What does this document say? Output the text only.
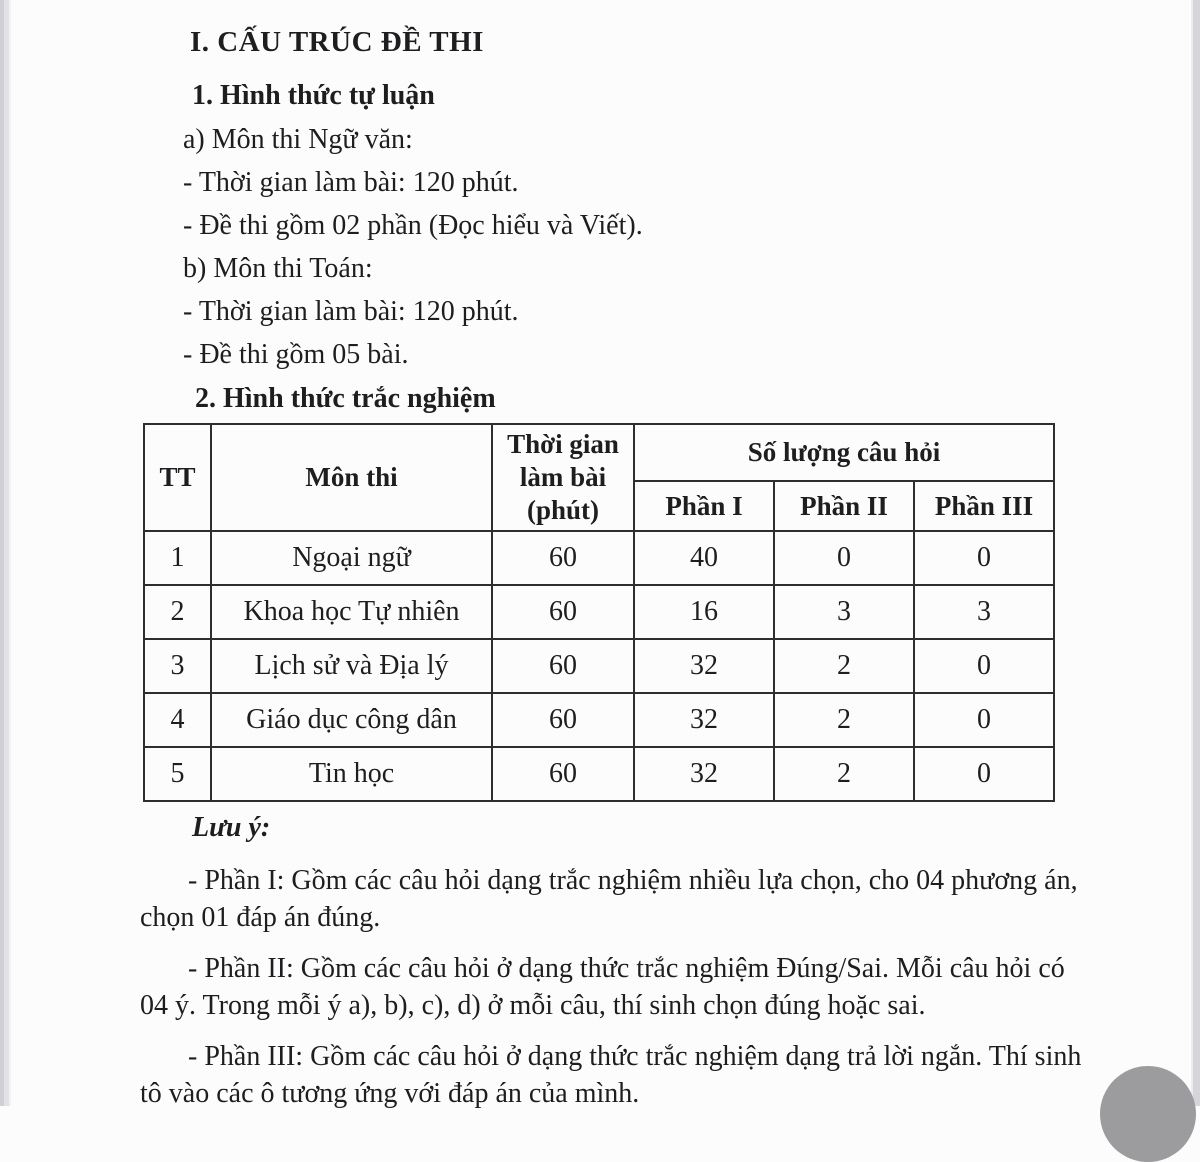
I. CẤU TRÚC ĐỀ THI
1. Hình thức tự luận

a) Môn thi Ngữ văn:

- Thời gian làm bài: 120 phút.

- Đề thi gồm 02 phần (Đọc hiểu và Viết).

b) Môn thi Toán:

- Thời gian làm bài: 120 phút.

- Đề thi gồm 05 bài.

2. Hình thức trắc nghiệm
TT	Môn thi	Thời gian làm bài (phút)	Số lượng câu hỏi		
			Phần I	Phần II	Phần III
1	Ngoại ngữ	60	40	0	0
2	Khoa học Tự nhiên	60	16	3	3
3	Lịch sử và Địa lý	60	32	2	0
4	Giáo dục công dân	60	32	2	0
5	Tin học	60	32	2	0
Lưu ý:

- Phần I: Gồm các câu hỏi dạng trắc nghiệm nhiều lựa chọn, cho 04 phương án, chọn 01 đáp án đúng.

- Phần II: Gồm các câu hỏi ở dạng thức trắc nghiệm Đúng/Sai. Mỗi câu hỏi có 04 ý. Trong mỗi ý a), b), c), d) ở mỗi câu, thí sinh chọn đúng hoặc sai.

- Phần III: Gồm các câu hỏi ở dạng thức trắc nghiệm dạng trả lời ngắn. Thí sinh tô vào các ô tương ứng với đáp án của mình.
